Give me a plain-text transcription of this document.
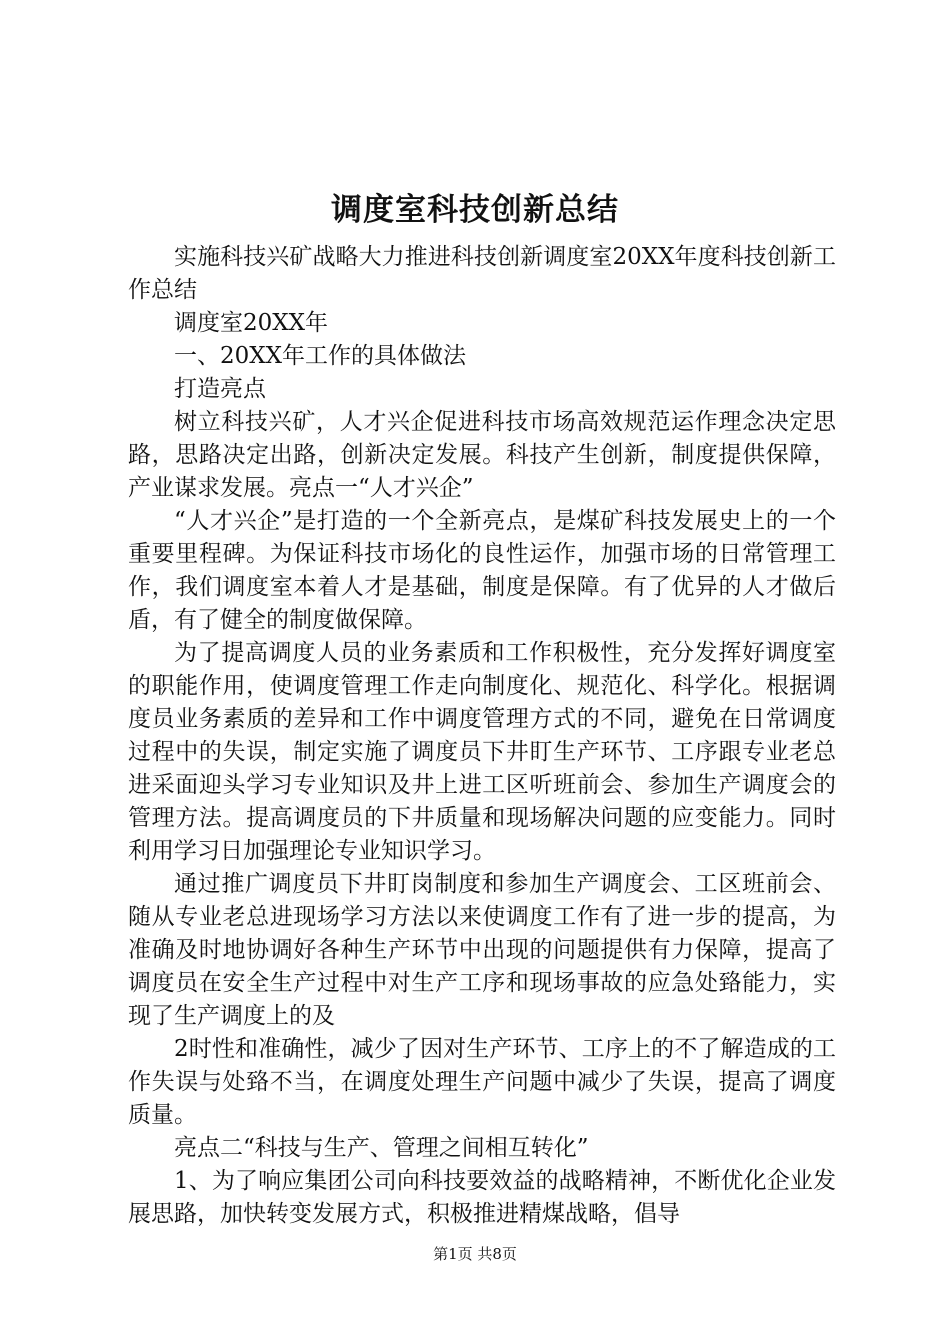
调度室科技创新总结

实施科技兴矿战略大力推进科技创新调度室20XX年度科技创新工作总结

调度室20XX年

一、20XX年工作的具体做法

打造亮点

树立科技兴矿，人才兴企促进科技市场高效规范运作理念决定思路，思路决定出路，创新决定发展。科技产生创新，制度提供保障，产业谋求发展。亮点一“人才兴企”

“人才兴企”是打造的一个全新亮点，是煤矿科技发展史上的一个重要里程碑。为保证科技市场化的良性运作，加强市场的日常管理工作，我们调度室本着人才是基础，制度是保障。有了优异的人才做后盾，有了健全的制度做保障。

为了提高调度人员的业务素质和工作积极性，充分发挥好调度室的职能作用，使调度管理工作走向制度化、规范化、科学化。根据调度员业务素质的差异和工作中调度管理方式的不同，避免在日常调度过程中的失误，制定实施了调度员下井盯生产环节、工序跟专业老总进采面迎头学习专业知识及井上进工区听班前会、参加生产调度会的管理方法。提高调度员的下井质量和现场解决问题的应变能力。同时利用学习日加强理论专业知识学习。

通过推广调度员下井盯岗制度和参加生产调度会、工区班前会、随从专业老总进现场学习方法以来使调度工作有了进一步的提高，为准确及时地协调好各种生产环节中出现的问题提供有力保障，提高了调度员在安全生产过程中对生产工序和现场事故的应急处臵能力，实现了生产调度上的及

2时性和准确性，减少了因对生产环节、工序上的不了解造成的工作失误与处臵不当，在调度处理生产问题中减少了失误，提高了调度质量。

亮点二“科技与生产、管理之间相互转化”

1、为了响应集团公司向科技要效益的战略精神，不断优化企业发展思路，加快转变发展方式，积极推进精煤战略，倡导

第1页 共8页
